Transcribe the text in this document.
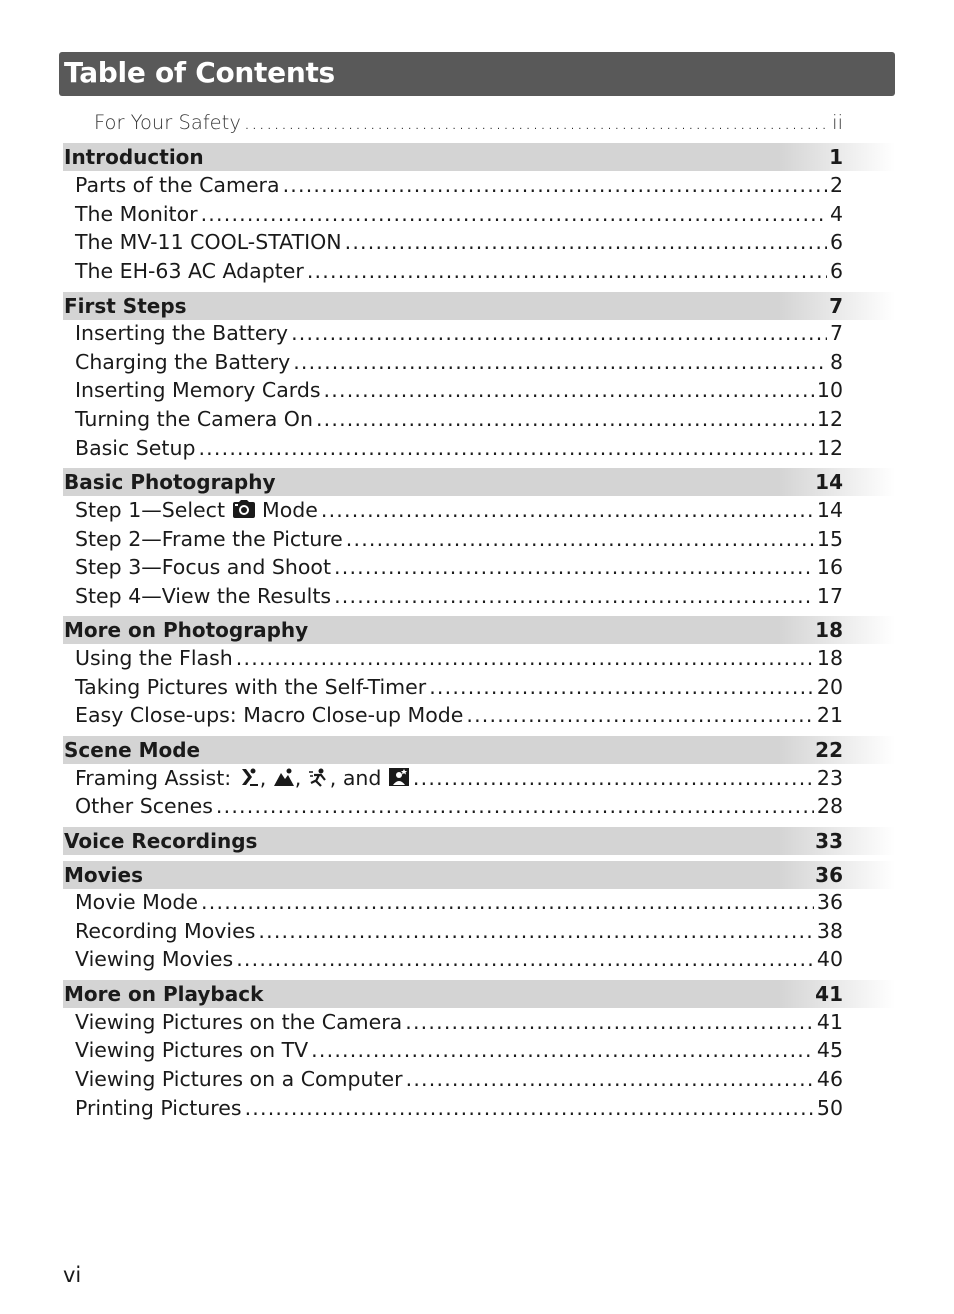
Table of Contents
For Your Safety .....	ii
Introduction	1
Parts of the Camera .....	2
The Monitor .....	4
The MV-11 COOL-STATION .....	6
The EH-63 AC Adapter .....	6
First Steps	7
Inserting the Battery .....	7
Charging the Battery .....	8
Inserting Memory Cards .....	10
Turning the Camera On .....	12
Basic Setup .....	12
Basic Photography	14
Step 1—Select  Mode .....	14
Step 2—Frame the Picture .....	15
Step 3—Focus and Shoot .....	16
Step 4—View the Results .....	17
More on Photography	18
Using the Flash .....	18
Taking Pictures with the Self-Timer .....	20
Easy Close-ups: Macro Close-up Mode .....	21
Scene Mode	22
Framing Assist: , , , and .....	23
Other Scenes .....	28
Voice Recordings	33
Movies	36
Movie Mode .....	36
Recording Movies .....	38
Viewing Movies .....	40
More on Playback	41
Viewing Pictures on the Camera .....	41
Viewing Pictures on TV .....	45
Viewing Pictures on a Computer .....	46
Printing Pictures .....	50
vi
